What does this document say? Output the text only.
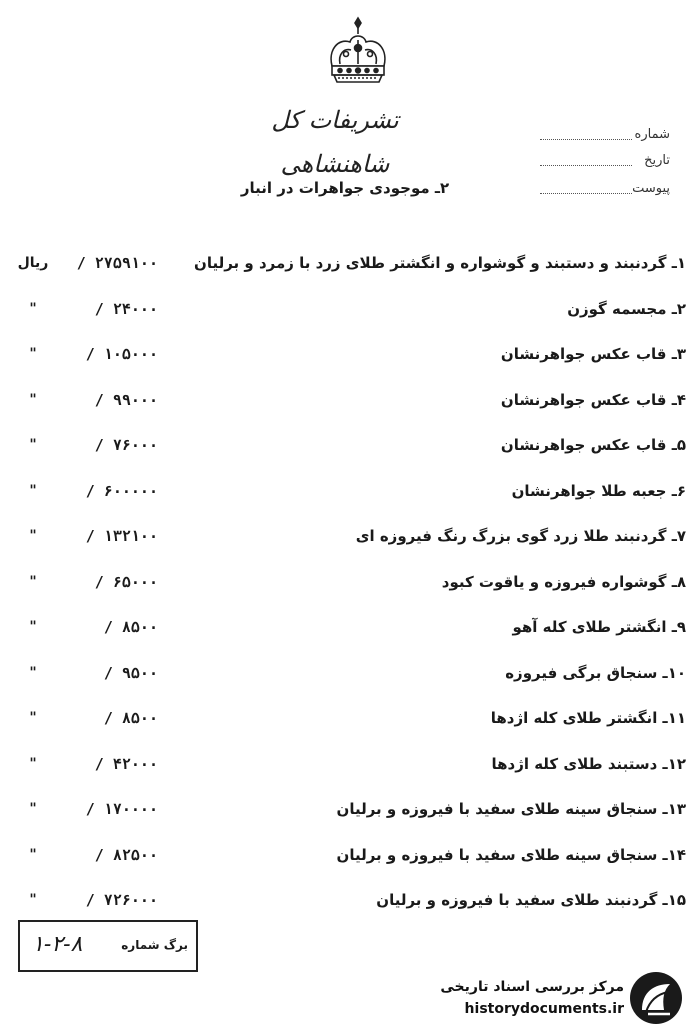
تشریفات کل شاهنشاهی
شماره
تاریخ
پیوست
۲ـ موجودی جواهرات در انبار
۱ـ گردنبند و دستبند و گوشواره و انگشتر طلای زرد با زمرد و برلیان
/ ۲۷۵۹۱۰۰
ریال
۲ـ مجسمه گوزن
/ ۲۴۰۰۰
"
۳ـ قاب عکس جواهرنشان
/ ۱۰۵۰۰۰
"
۴ـ قاب عکس جواهرنشان
/ ۹۹۰۰۰
"
۵ـ قاب عکس جواهرنشان
/ ۷۶۰۰۰
"
۶ـ جعبه طلا جواهرنشان
/ ۶۰۰۰۰۰
"
۷ـ گردنبند طلا زرد گوی بزرگ رنگ فیروزه ای
/ ۱۳۲۱۰۰
"
۸ـ گوشواره فیروزه و یاقوت کبود
/ ۶۵۰۰۰
"
۹ـ انگشتر طلای کله آهو
/ ۸۵۰۰
"
۱۰ـ سنجاق برگی فیروزه
/ ۹۵۰۰
"
۱۱ـ انگشتر طلای کله اژدها
/ ۸۵۰۰
"
۱۲ـ دستبند طلای کله اژدها
/ ۴۲۰۰۰
"
۱۳ـ سنجاق سینه طلای سفید با فیروزه و برلیان
/ ۱۷۰۰۰۰
"
۱۴ـ سنجاق سینه طلای سفید با فیروزه و برلیان
/ ۸۲۵۰۰
"
۱۵ـ گردنبند طلای سفید با فیروزه و برلیان
/ ۷۲۶۰۰۰
"
برگ شماره
۱-۲-۸
مرکز بررسی اسناد تاریخی
historydocuments.ir
